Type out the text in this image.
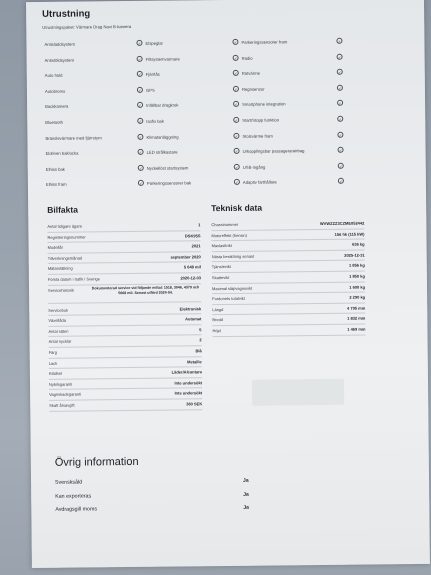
Utrustning
Utrustningspaket: Värmare Drag Navi B-kamera
Antisladdsystem	✓	Elspeglar	✓	Parkeringssensorer fram	✓
Antistöldsystem	✓	Filtsystemvarmare	✓	Radio	✓
Auto hold	✓	Fjärrlås	✓	Ratvärme	✓
Autobroms	✓	GPS	✓	Regnsensor	✓
Backkamera	✓	Infällbar dragkrok	✓	Smartphone integration	✓
Bluetooth	✓	Isofix bak	✓	Start/Stopp funktion	✓
Bränslevärmare med fjärrstyrn	✓	Klimatanläggning	✓	Stolsvärme fram	✓
Eldriven bakluckа	✓	LED strålkastare	✓	Urkopplingsbar passagerarairbag	✓
Elhiss bak	✓	Nyckellöst startsystem	✓	USB-ingång	✓
Elhiss fram	✓	Parkeringssensorer bak	✓	Adaptiv farthållare	✓
Bilfakta
Antal tidigare ägare	1
Registreringsnummer	DSK95S
Modellår	2021
Tillverkningsmånad	september 2020
Mätarställning	5 648 mil
Första datum i trafik i Sverige	2020-12-03
Servicehistorik	Dokumenterad service vid följande miltal: 1518, 3046, 4379 och 5668 mil. Senast utförd 2024-04.
Servicebok	Elektronisk
Växellåda	Automat
Antal säten	5
Antal nycklar	2
Färg	Blå
Lack	Metallic
Klädsel	Läder/Alcantara
Nybilsgaranti	Inte undersökt
Vagnskadegaranti	Inte undersökt
Skatt årsavgift	360 SEK
Teknisk data
Chassinummer	WVWZZZ3CZME052442
Motoreffekt (bensin)	156 hk (115 kW)
Maxlasttrikt	636 kg
Nästa besiktning senast	2025-12-31
Tjänstevikt	1 856 kg
Skattevikt	1 850 kg
Maximal släpvagnsvikt	1 600 kg
Fordonets totalvikt	2 290 kg
Längd	4 795 mm
Bredd	1 832 mm
Höjd	1 469 mm
Övrig information
Svensksåld	Ja
Kan exporteras	Ja
Avdragsgill moms	Ja
